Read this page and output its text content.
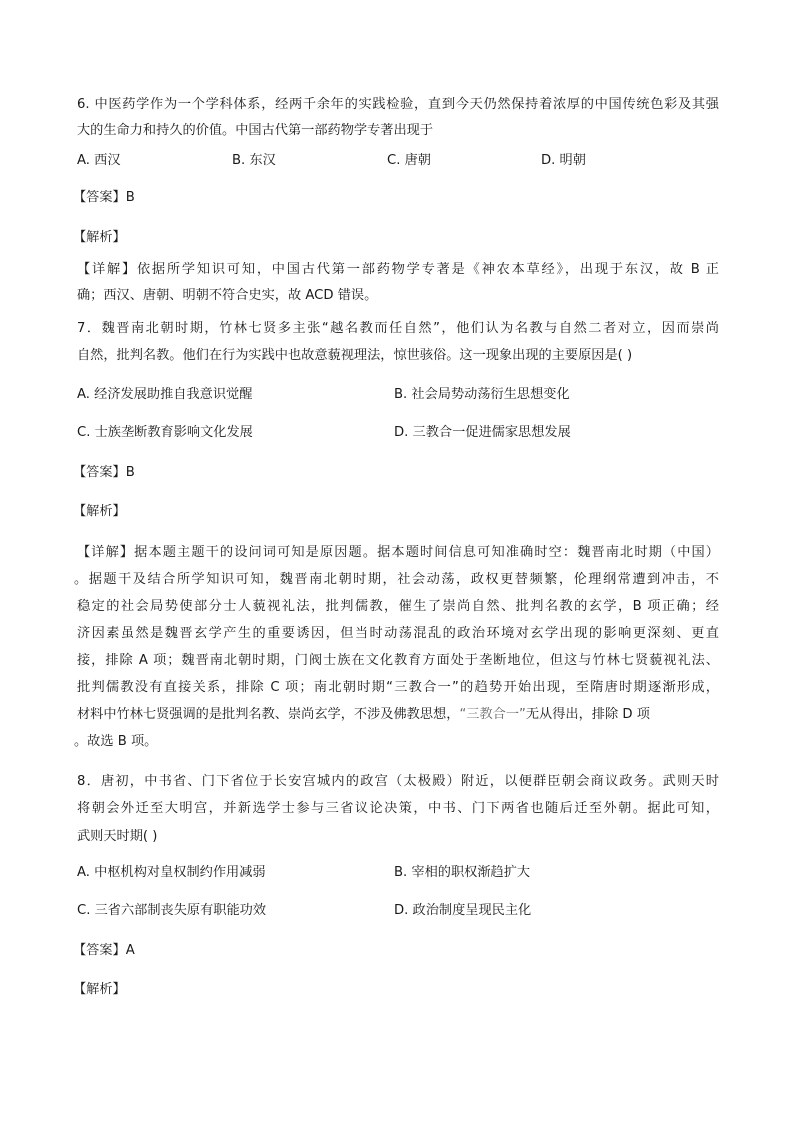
6. 中医药学作为一个学科体系，经两千余年的实践检验，直到今天仍然保持着浓厚的中国传统色彩及其强
大的生命力和持久的价值。中国古代第一部药物学专著出现于
A. 西汉	B. 东汉	C. 唐朝	D. 明朝
【答案】B
【解析】
【详解】依据所学知识可知，中国古代第一部药物学专著是《神农本草经》，出现于东汉，故 B 正
确；西汉、唐朝、明朝不符合史实，故 ACD 错误。
7．魏晋南北朝时期，竹林七贤多主张“越名教而任自然”，他们认为名教与自然二者对立，因而崇尚
自然，批判名教。他们在行为实践中也故意藐视理法，惊世骇俗。这一现象出现的主要原因是( )
A. 经济发展助推自我意识觉醒	B. 社会局势动荡衍生思想变化
C. 士族垄断教育影响文化发展	D. 三教合一促进儒家思想发展
【答案】B
【解析】
【详解】据本题主题干的设问词可知是原因题。据本题时间信息可知准确时空：魏晋南北时期（中国）
。据题干及结合所学知识可知，魏晋南北朝时期，社会动荡，政权更替频繁，伦理纲常遭到冲击，不
稳定的社会局势使部分士人藐视礼法，批判儒教，催生了崇尚自然、批判名教的玄学，B 项正确；经
济因素虽然是魏晋玄学产生的重要诱因，但当时动荡混乱的政治环境对玄学出现的影响更深刻、更直
接，排除 A 项；魏晋南北朝时期，门阀士族在文化教育方面处于垄断地位，但这与竹林七贤藐视礼法、
批判儒教没有直接关系，排除 C 项；南北朝时期“三教合一”的趋势开始出现，至隋唐时期逐渐形成，
材料中竹林七贤强调的是批判名教、崇尚玄学，不涉及佛教思想，“三教合一”无从得出，排除 D 项
。故选 B 项。
8．唐初，中书省、门下省位于长安宫城内的政宫（太极殿）附近，以便群臣朝会商议政务。武则天时
将朝会外迁至大明宫，并新选学士参与三省议论决策，中书、门下两省也随后迁至外朝。据此可知，
武则天时期( )
A. 中枢机构对皇权制约作用减弱	B. 宰相的职权渐趋扩大
C. 三省六部制丧失原有职能功效	D. 政治制度呈现民主化
【答案】A
【解析】
